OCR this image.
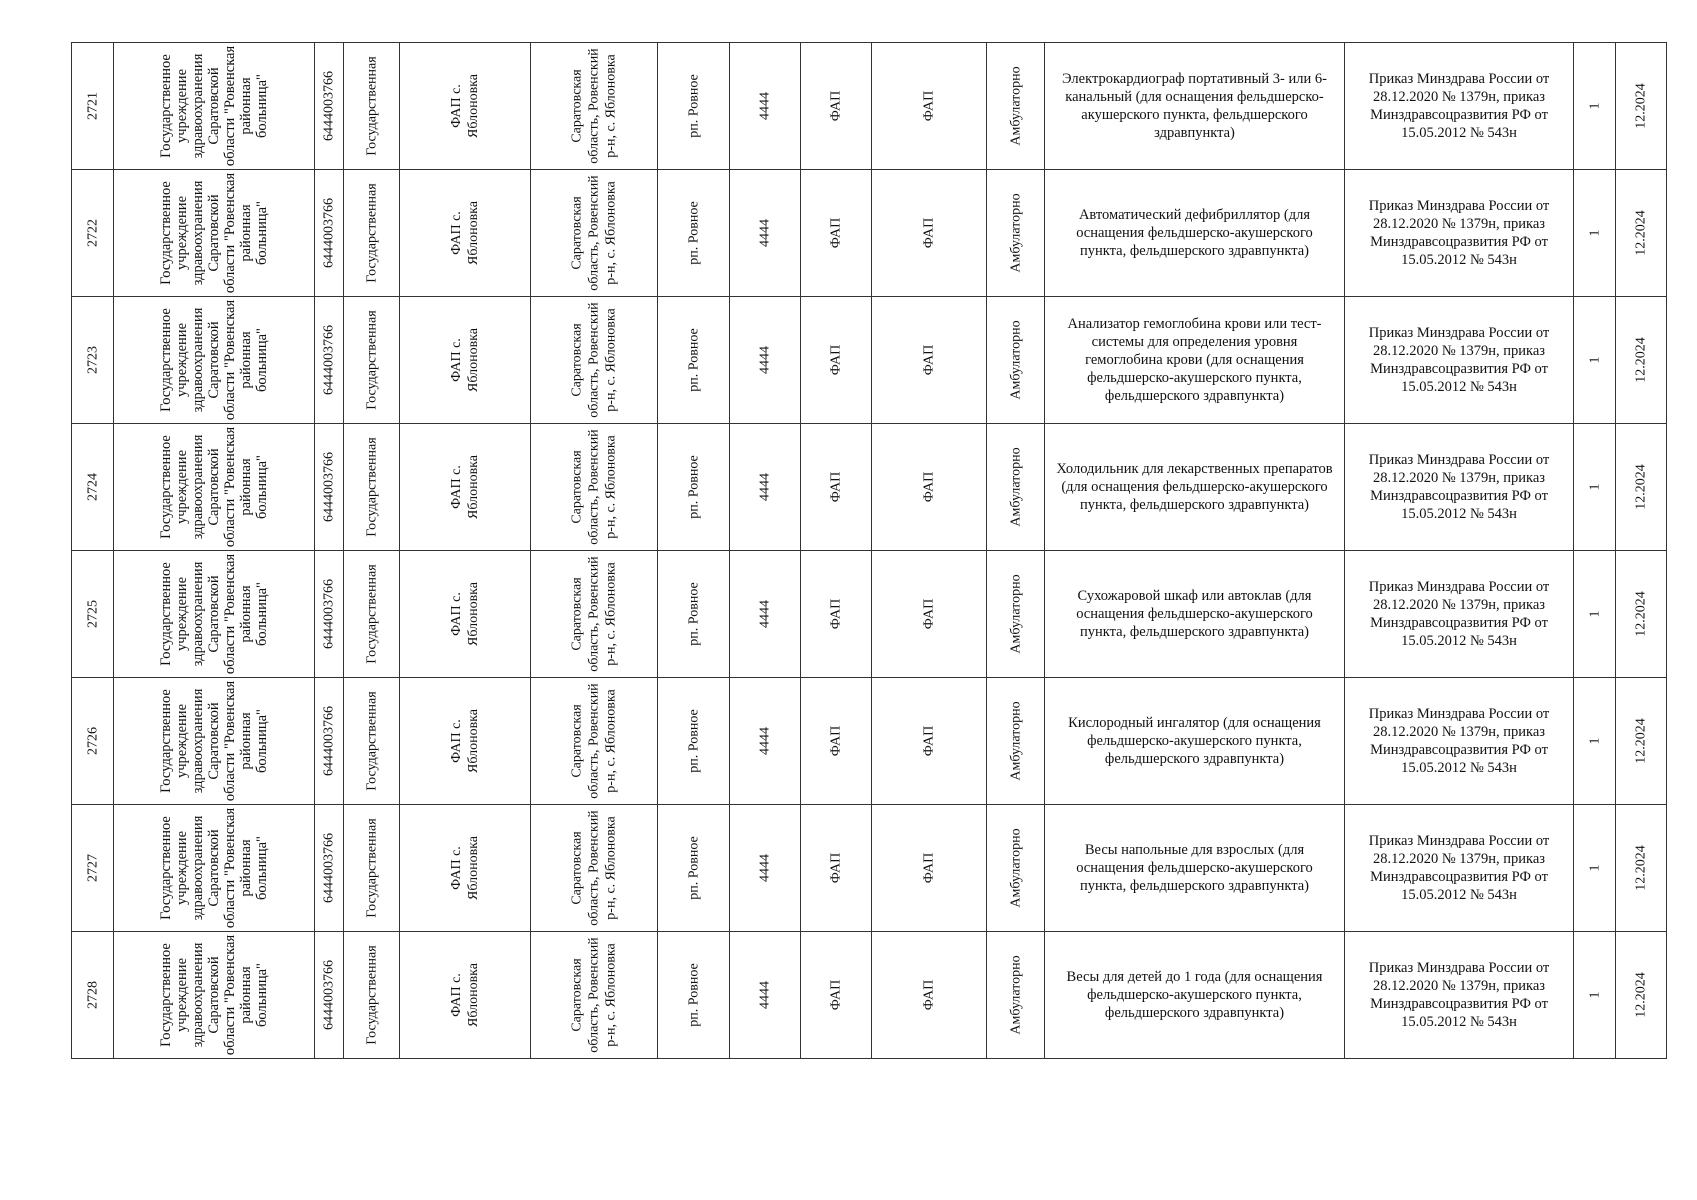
2721	Государственное учреждение здравоохранения Саратовской области "Ровенская районная больница"	6444003766	Государственная	ФАП с. Яблоновка	Саратовская область, Ровенский р-н, с. Яблоновка	рп. Ровное	4444	ФАП	ФАП	Амбулаторно	Электрокардиограф портативный 3- или 6-канальный (для оснащения фельдшерско-акушерского пункта, фельдшерского здравпункта)	Приказ Минздрава России от 28.12.2020 № 1379н, приказ Минздравсоцразвития РФ от 15.05.2012 № 543н	1	12.2024

2722	Государственное учреждение здравоохранения Саратовской области "Ровенская районная больница"	6444003766	Государственная	ФАП с. Яблоновка	Саратовская область, Ровенский р-н, с. Яблоновка	рп. Ровное	4444	ФАП	ФАП	Амбулаторно	Автоматический дефибриллятор (для оснащения фельдшерско-акушерского пункта, фельдшерского здравпункта)	Приказ Минздрава России от 28.12.2020 № 1379н, приказ Минздравсоцразвития РФ от 15.05.2012 № 543н	1	12.2024

2723	Государственное учреждение здравоохранения Саратовской области "Ровенская районная больница"	6444003766	Государственная	ФАП с. Яблоновка	Саратовская область, Ровенский р-н, с. Яблоновка	рп. Ровное	4444	ФАП	ФАП	Амбулаторно	Анализатор гемоглобина крови или тест-системы для определения уровня гемоглобина крови (для оснащения фельдшерско-акушерского пункта, фельдшерского здравпункта)	Приказ Минздрава России от 28.12.2020 № 1379н, приказ Минздравсоцразвития РФ от 15.05.2012 № 543н	1	12.2024

2724	Государственное учреждение здравоохранения Саратовской области "Ровенская районная больница"	6444003766	Государственная	ФАП с. Яблоновка	Саратовская область, Ровенский р-н, с. Яблоновка	рп. Ровное	4444	ФАП	ФАП	Амбулаторно	Холодильник для лекарственных препаратов (для оснащения фельдшерско-акушерского пункта, фельдшерского здравпункта)	Приказ Минздрава России от 28.12.2020 № 1379н, приказ Минздравсоцразвития РФ от 15.05.2012 № 543н	1	12.2024

2725	Государственное учреждение здравоохранения Саратовской области "Ровенская районная больница"	6444003766	Государственная	ФАП с. Яблоновка	Саратовская область, Ровенский р-н, с. Яблоновка	рп. Ровное	4444	ФАП	ФАП	Амбулаторно	Сухожаровой шкаф или автоклав (для оснащения фельдшерско-акушерского пункта, фельдшерского здравпункта)	Приказ Минздрава России от 28.12.2020 № 1379н, приказ Минздравсоцразвития РФ от 15.05.2012 № 543н	1	12.2024

2726	Государственное учреждение здравоохранения Саратовской области "Ровенская районная больница"	6444003766	Государственная	ФАП с. Яблоновка	Саратовская область, Ровенский р-н, с. Яблоновка	рп. Ровное	4444	ФАП	ФАП	Амбулаторно	Кислородный ингалятор (для оснащения фельдшерско-акушерского пункта, фельдшерского здравпункта)	Приказ Минздрава России от 28.12.2020 № 1379н, приказ Минздравсоцразвития РФ от 15.05.2012 № 543н	1	12.2024

2727	Государственное учреждение здравоохранения Саратовской области "Ровенская районная больница"	6444003766	Государственная	ФАП с. Яблоновка	Саратовская область, Ровенский р-н, с. Яблоновка	рп. Ровное	4444	ФАП	ФАП	Амбулаторно	Весы напольные для взрослых (для оснащения фельдшерско-акушерского пункта, фельдшерского здравпункта)	Приказ Минздрава России от 28.12.2020 № 1379н, приказ Минздравсоцразвития РФ от 15.05.2012 № 543н	1	12.2024

2728	Государственное учреждение здравоохранения Саратовской области "Ровенская районная больница"	6444003766	Государственная	ФАП с. Яблоновка	Саратовская область, Ровенский р-н, с. Яблоновка	рп. Ровное	4444	ФАП	ФАП	Амбулаторно	Весы для детей до 1 года (для оснащения фельдшерско-акушерского пункта, фельдшерского здравпункта)	Приказ Минздрава России от 28.12.2020 № 1379н, приказ Минздравсоцразвития РФ от 15.05.2012 № 543н	1	12.2024
